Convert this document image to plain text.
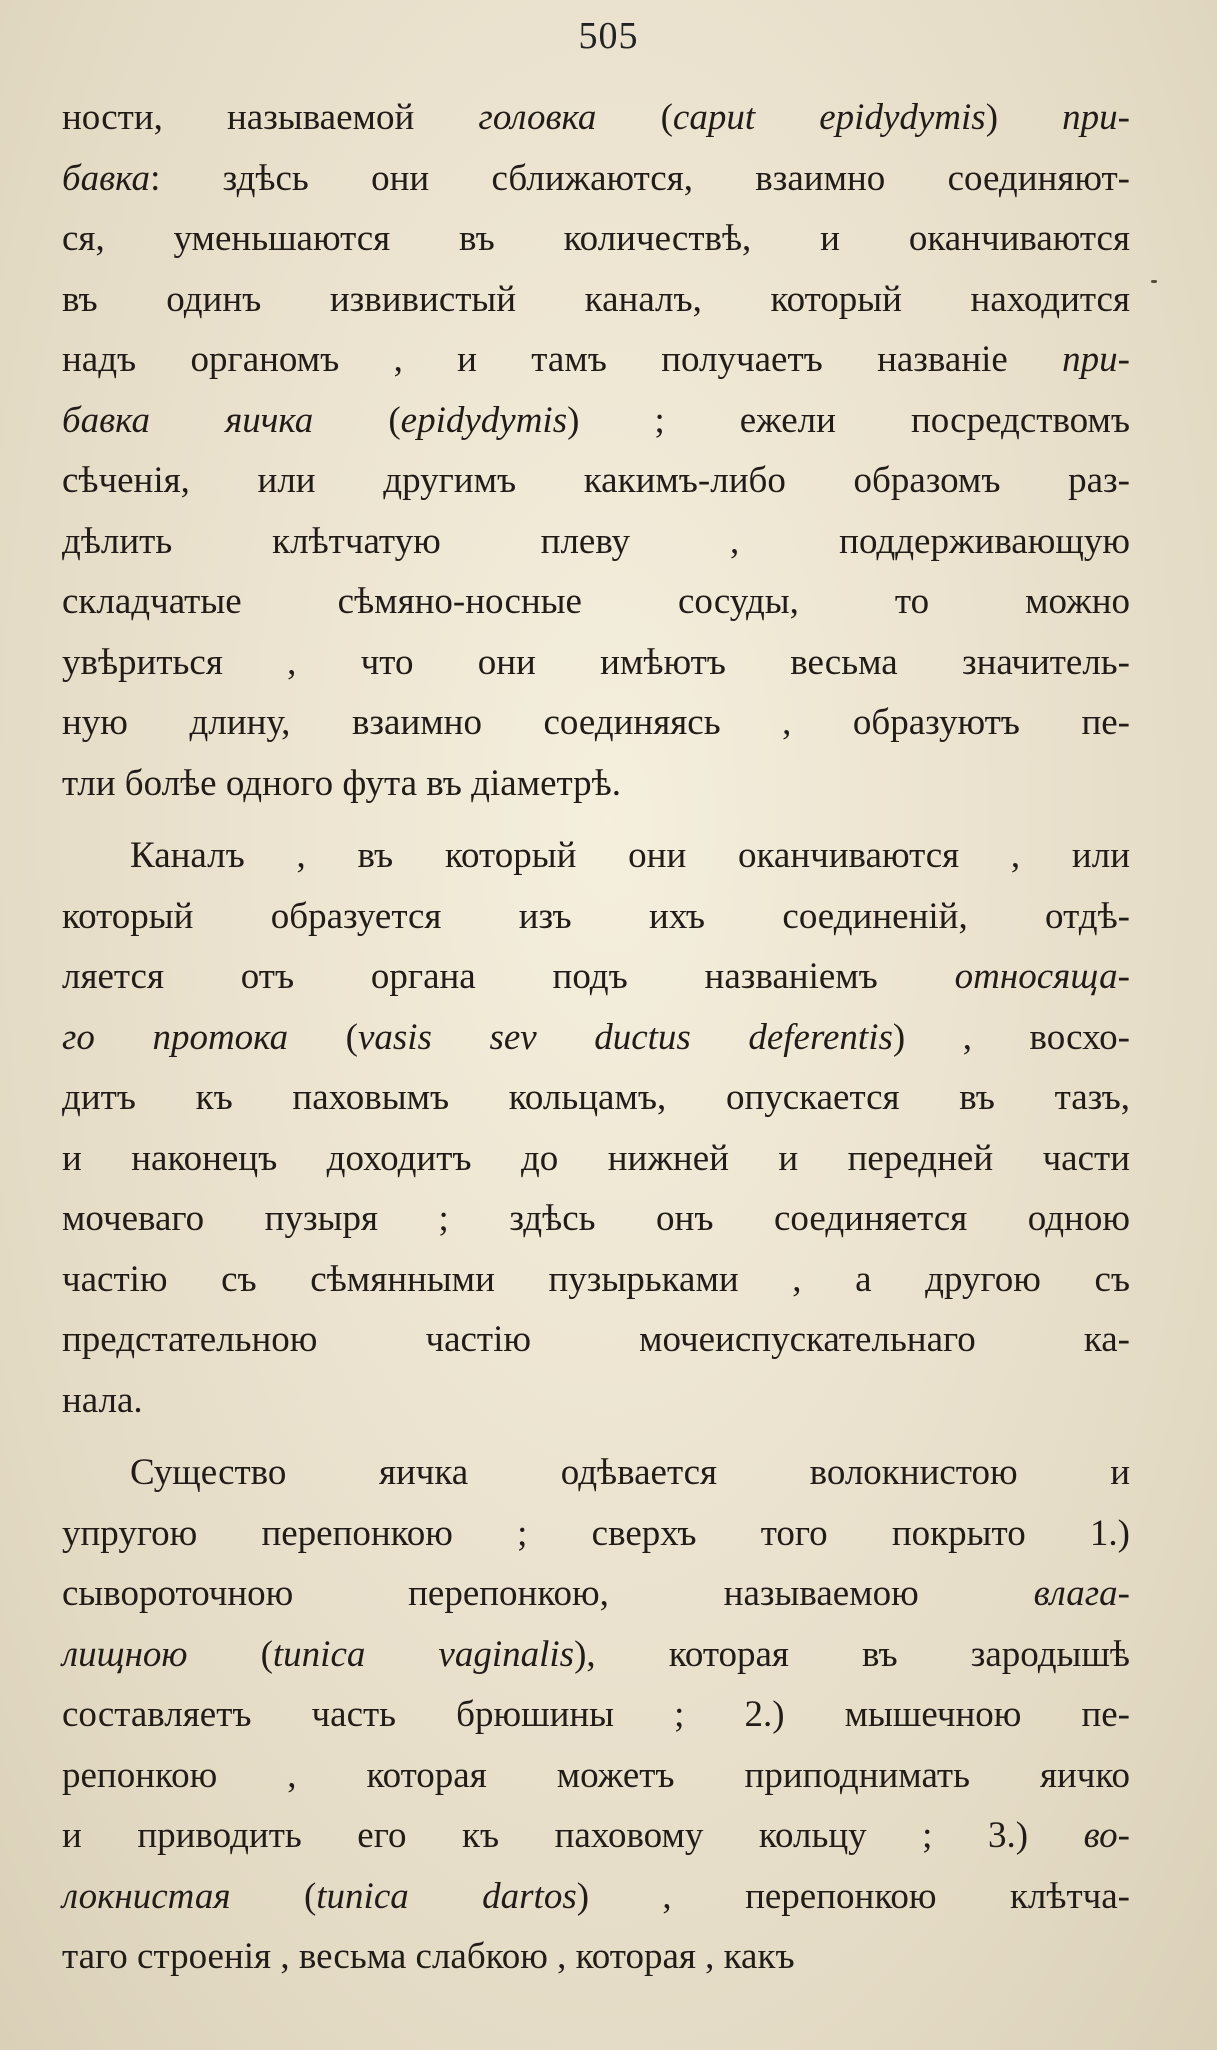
505
ности, называемой головка (caput epidydymis) при-
бавка: здѣсь они сближаются, взаимно соединяют-
ся, уменьшаются въ количествѣ, и оканчиваются
въ одинъ извивистый каналъ, который находится
надъ органомъ , и тамъ получаетъ названіе при-
бавка яичка (epidydymis) ; ежели посредствомъ
сѣченія, или другимъ какимъ-либо образомъ раз-
дѣлить клѣтчатую плеву , поддерживающую
складчатые сѣмяно-носные сосуды, то можно
увѣриться , что они имѣютъ весьма значитель-
ную длину, взаимно соединяясь , образуютъ пе-
тли болѣе одного фута въ діаметрѣ.
Каналъ , въ который они оканчиваются , или
который образуется изъ ихъ соединеній, отдѣ-
ляется отъ органа подъ названіемъ относяща-
го протока (vasis sev ductus deferentis) , восхо-
дитъ къ паховымъ кольцамъ, опускается въ тазъ,
и наконецъ доходитъ до нижней и передней части
мочеваго пузыря ; здѣсь онъ соединяется одною
частію съ сѣмянными пузырьками , а другою съ
предстательною частію мочеиспускательнаго ка-
нала.
Существо яичка одѣвается волокнистою и
упругою перепонкою ; сверхъ того покрыто 1.)
сывороточною перепонкою, называемою влага-
лищною (tunica vaginalis), которая въ зародышѣ
составляетъ часть брюшины ; 2.) мышечною пе-
репонкою , которая можетъ приподнимать яичко
и приводить его къ паховому кольцу ; 3.) во-
локнистая (tunica dartos) , перепонкою клѣтча-
таго строенія , весьма слабкою , которая , какъ
